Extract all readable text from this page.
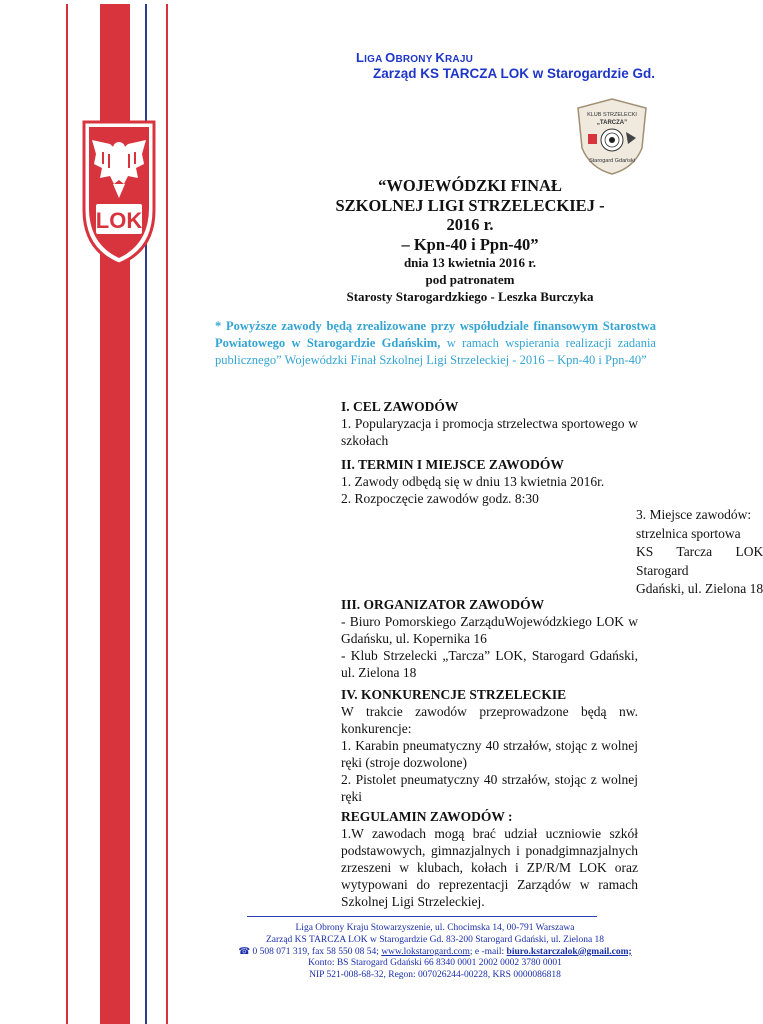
LOK
LIGA OBRONY KRAJU
Zarząd KS TARCZA LOK w Starogardzie Gd.
KLUB STRZELECKI
„TARCZA”
Starogard Gdański
“WOJEWÓDZKI FINAŁ
SZKOLNEJ LIGI STRZELECKIEJ -
2016 r.
– Kpn-40 i Ppn-40”
dnia 13 kwietnia 2016 r.
pod patronatem
Starosty Starogardzkiego - Leszka Burczyka
* Powyższe zawody będą zrealizowane przy współudziale finansowym Starostwa Powiatowego w Starogardzie Gdańskim, w ramach wspierania realizacji zadania publicznego” Wojewódzki Finał Szkolnej Ligi Strzeleckiej - 2016 – Kpn-40 i Ppn-40”
I. CEL ZAWODÓW
1. Popularyzacja i promocja strzelectwa sportowego w szkołach
II. TERMIN I MIEJSCE ZAWODÓW
1. Zawody odbędą się w dniu 13 kwietnia 2016r.
2. Rozpoczęcie zawodów godz. 8:30
3. Miejsce zawodów:
strzelnica sportowa
KS Tarcza LOK
Starogard
Gdański, ul. Zielona 18
III. ORGANIZATOR ZAWODÓW
- Biuro Pomorskiego ZarząduWojewódzkiego LOK w Gdańsku, ul. Kopernika 16
- Klub Strzelecki „Tarcza” LOK, Starogard Gdański, ul. Zielona 18
IV. KONKURENCJE STRZELECKIE
W trakcie zawodów przeprowadzone będą nw. konkurencje:
1. Karabin pneumatyczny 40 strzałów, stojąc z wolnej ręki (stroje dozwolone)
2. Pistolet pneumatyczny 40 strzałów, stojąc z wolnej ręki
REGULAMIN ZAWODÓW :
1.W zawodach mogą brać udział uczniowie szkół podstawowych, gimnazjalnych i ponadgimnazjalnych zrzeszeni w klubach, kołach i ZP/R/M LOK oraz wytypowani do reprezentacji Zarządów w ramach Szkolnej Ligi Strzeleckiej.
Liga Obrony Kraju Stowarzyszenie, ul. Chocimska 14, 00-791 Warszawa
Zarząd KS TARCZA LOK w Starogardzie Gd. 83-200 Starogard Gdański, ul. Zielona 18
☎ 0 508 071 319, fax 58 550 08 54; www.lokstarogard.com; e -mail: biuro.kstarczalok@gmail.com;
Konto: BS Starogard Gdański 66 8340 0001 2002 0002 3780 0001
NIP 521-008-68-32, Regon: 007026244-00228, KRS 0000086818
